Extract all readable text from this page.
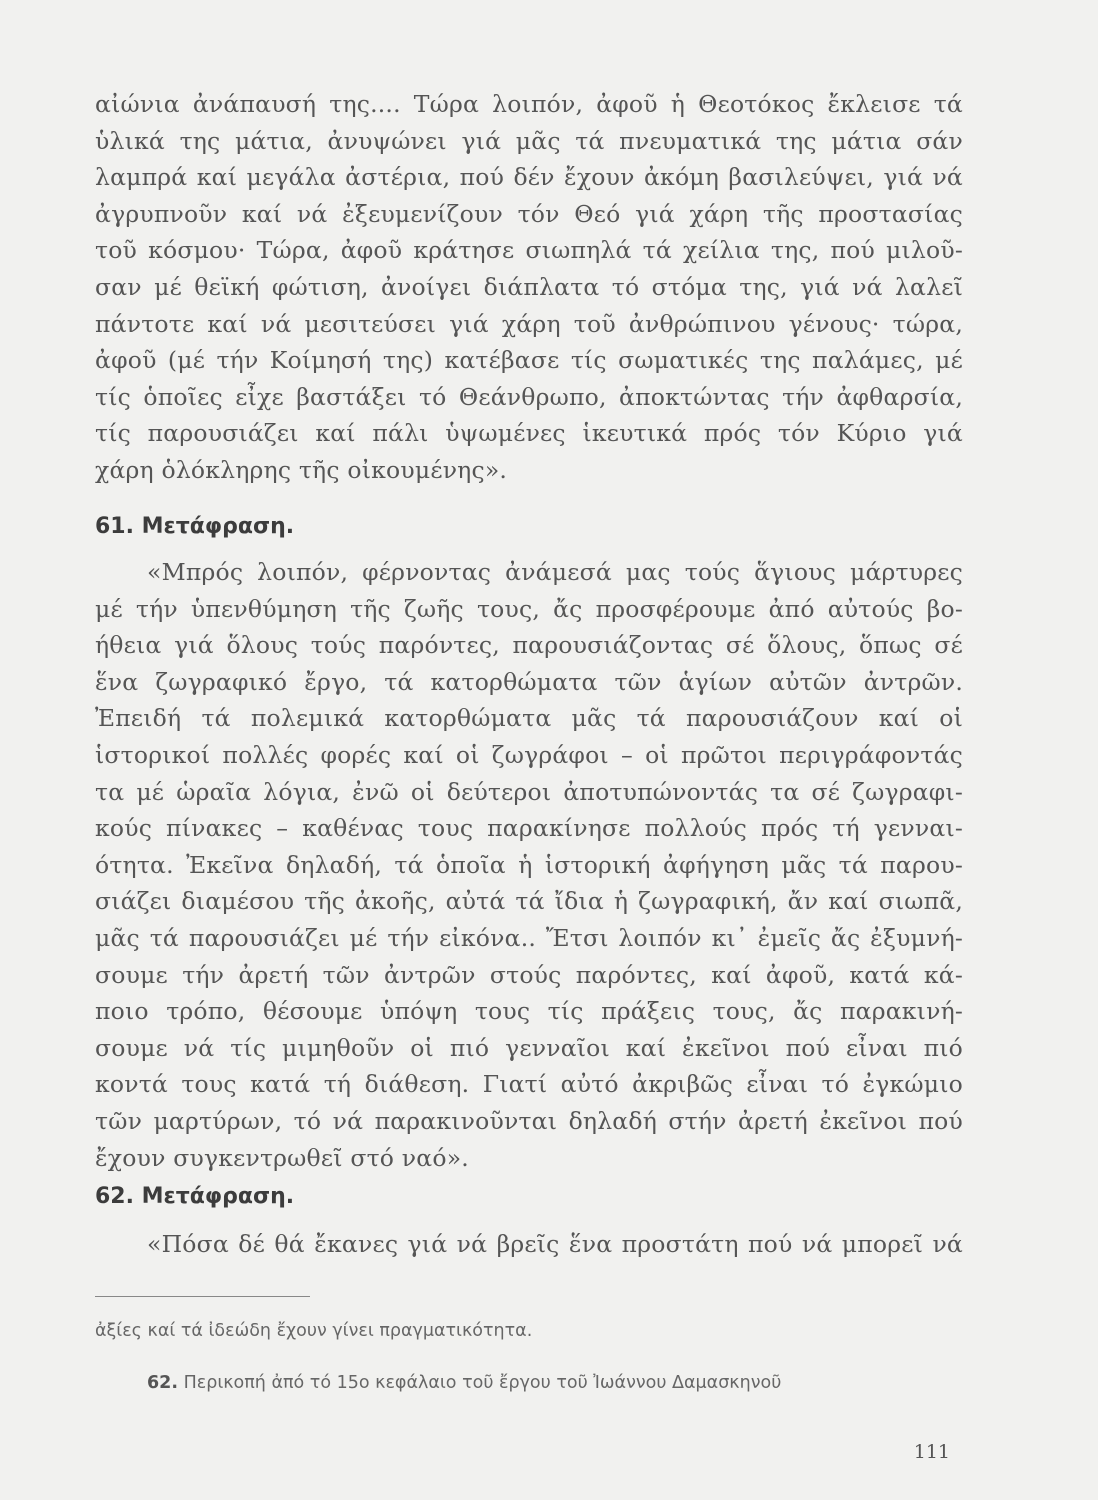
αἰώνια ἀνάπαυσή της.... Τώρα λοιπόν, ἀφοῦ ἡ Θεοτόκος ἔκλεισε τά
ὑλικά της μάτια, ἀνυψώνει γιά μᾶς τά πνευματικά της μάτια σάν
λαμπρά καί μεγάλα ἀστέρια, πού δέν ἔχουν ἀκόμη βασιλεύψει, γιά νά
ἀγρυπνοῦν καί νά ἐξευμενίζουν τόν Θεό γιά χάρη τῆς προστασίας
τοῦ κόσμου· Τώρα, ἀφοῦ κράτησε σιωπηλά τά χείλια της, πού μιλοῦ-
σαν μέ θεϊκή φώτιση, ἀνοίγει διάπλατα τό στόμα της, γιά νά λαλεῖ
πάντοτε καί νά μεσιτεύσει γιά χάρη τοῦ ἀνθρώπινου γένους· τώρα,
ἀφοῦ (μέ τήν Κοίμησή της) κατέβασε τίς σωματικές της παλάμες, μέ
τίς ὁποῖες εἶχε βαστάξει τό Θεάνθρωπο, ἀποκτώντας τήν ἀφθαρσία,
τίς παρουσιάζει καί πάλι ὑψωμένες ἱκευτικά πρός τόν Κύριο γιά
χάρη ὁλόκληρης τῆς οἰκουμένης».
61. Μετάφραση.
«Μπρός λοιπόν, φέρνοντας ἀνάμεσά μας τούς ἅγιους μάρτυρες
μέ τήν ὑπενθύμηση τῆς ζωῆς τους, ἄς προσφέρουμε ἀπό αὐτούς βο-
ήθεια γιά ὅλους τούς παρόντες, παρουσιάζοντας σέ ὅλους, ὅπως σέ
ἕνα ζωγραφικό ἔργο, τά κατορθώματα τῶν ἁγίων αὐτῶν ἀντρῶν.
Ἐπειδή τά πολεμικά κατορθώματα μᾶς τά παρουσιάζουν καί οἱ
ἱστορικοί πολλές φορές καί οἱ ζωγράφοι – οἱ πρῶτοι περιγράφοντάς
τα μέ ὡραῖα λόγια, ἐνῶ οἱ δεύτεροι ἀποτυπώνοντάς τα σέ ζωγραφι-
κούς πίνακες – καθένας τους παρακίνησε πολλούς πρός τή γενναι-
ότητα. Ἐκεῖνα δηλαδή, τά ὁποῖα ἡ ἱστορική ἀφήγηση μᾶς τά παρου-
σιάζει διαμέσου τῆς ἀκοῆς, αὐτά τά ἴδια ἡ ζωγραφική, ἄν καί σιωπᾶ,
μᾶς τά παρουσιάζει μέ τήν εἰκόνα.. Ἔτσι λοιπόν κι᾽ ἐμεῖς ἄς ἐξυμνή-
σουμε τήν ἀρετή τῶν ἀντρῶν στούς παρόντες, καί ἀφοῦ, κατά κά-
ποιο τρόπο, θέσουμε ὑπόψη τους τίς πράξεις τους, ἄς παρακινή-
σουμε νά τίς μιμηθοῦν οἱ πιό γενναῖοι καί ἐκεῖνοι πού εἶναι πιό
κοντά τους κατά τή διάθεση. Γιατί αὐτό ἀκριβῶς εἶναι τό ἐγκώμιο
τῶν μαρτύρων, τό νά παρακινοῦνται δηλαδή στήν ἀρετή ἐκεῖνοι πού
ἔχουν συγκεντρωθεῖ στό ναό».
62. Μετάφραση.
«Πόσα δέ θά ἔκανες γιά νά βρεῖς ἕνα προστάτη πού νά μπορεῖ νά
ἀξίες καί τά ἰδεώδη ἔχουν γίνει πραγματικότητα.
62. Περικοπή ἀπό τό 15ο κεφάλαιο τοῦ ἔργου τοῦ Ἰωάννου Δαμασκηνοῦ
111
